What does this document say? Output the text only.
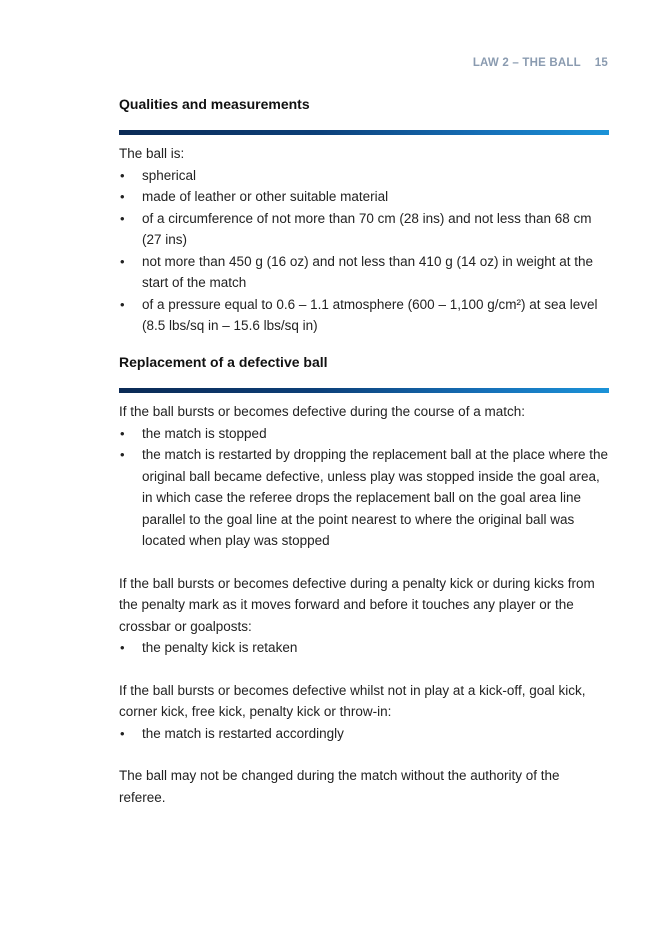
LAW 2 – THE BALL 15
Qualities and measurements

The ball is:

• spherical
• made of leather or other suitable material
• of a circumference of not more than 70 cm (28 ins) and not less than 68 cm (27 ins)
• not more than 450 g (16 oz) and not less than 410 g (14 oz) in weight at the start of the match
• of a pressure equal to 0.6 – 1.1 atmosphere (600 – 1,100 g/cm²) at sea level (8.5 lbs/sq in – 15.6 lbs/sq in)
Replacement of a defective ball

If the ball bursts or becomes defective during the course of a match:

• the match is stopped
• the match is restarted by dropping the replacement ball at the place where the original ball became defective, unless play was stopped inside the goal area, in which case the referee drops the replacement ball on the goal area line parallel to the goal line at the point nearest to where the original ball was located when play was stopped

If the ball bursts or becomes defective during a penalty kick or during kicks from the penalty mark as it moves forward and before it touches any player or the crossbar or goalposts:

• the penalty kick is retaken

If the ball bursts or becomes defective whilst not in play at a kick-off, goal kick, corner kick, free kick, penalty kick or throw-in:

• the match is restarted accordingly

The ball may not be changed during the match without the authority of the referee.
